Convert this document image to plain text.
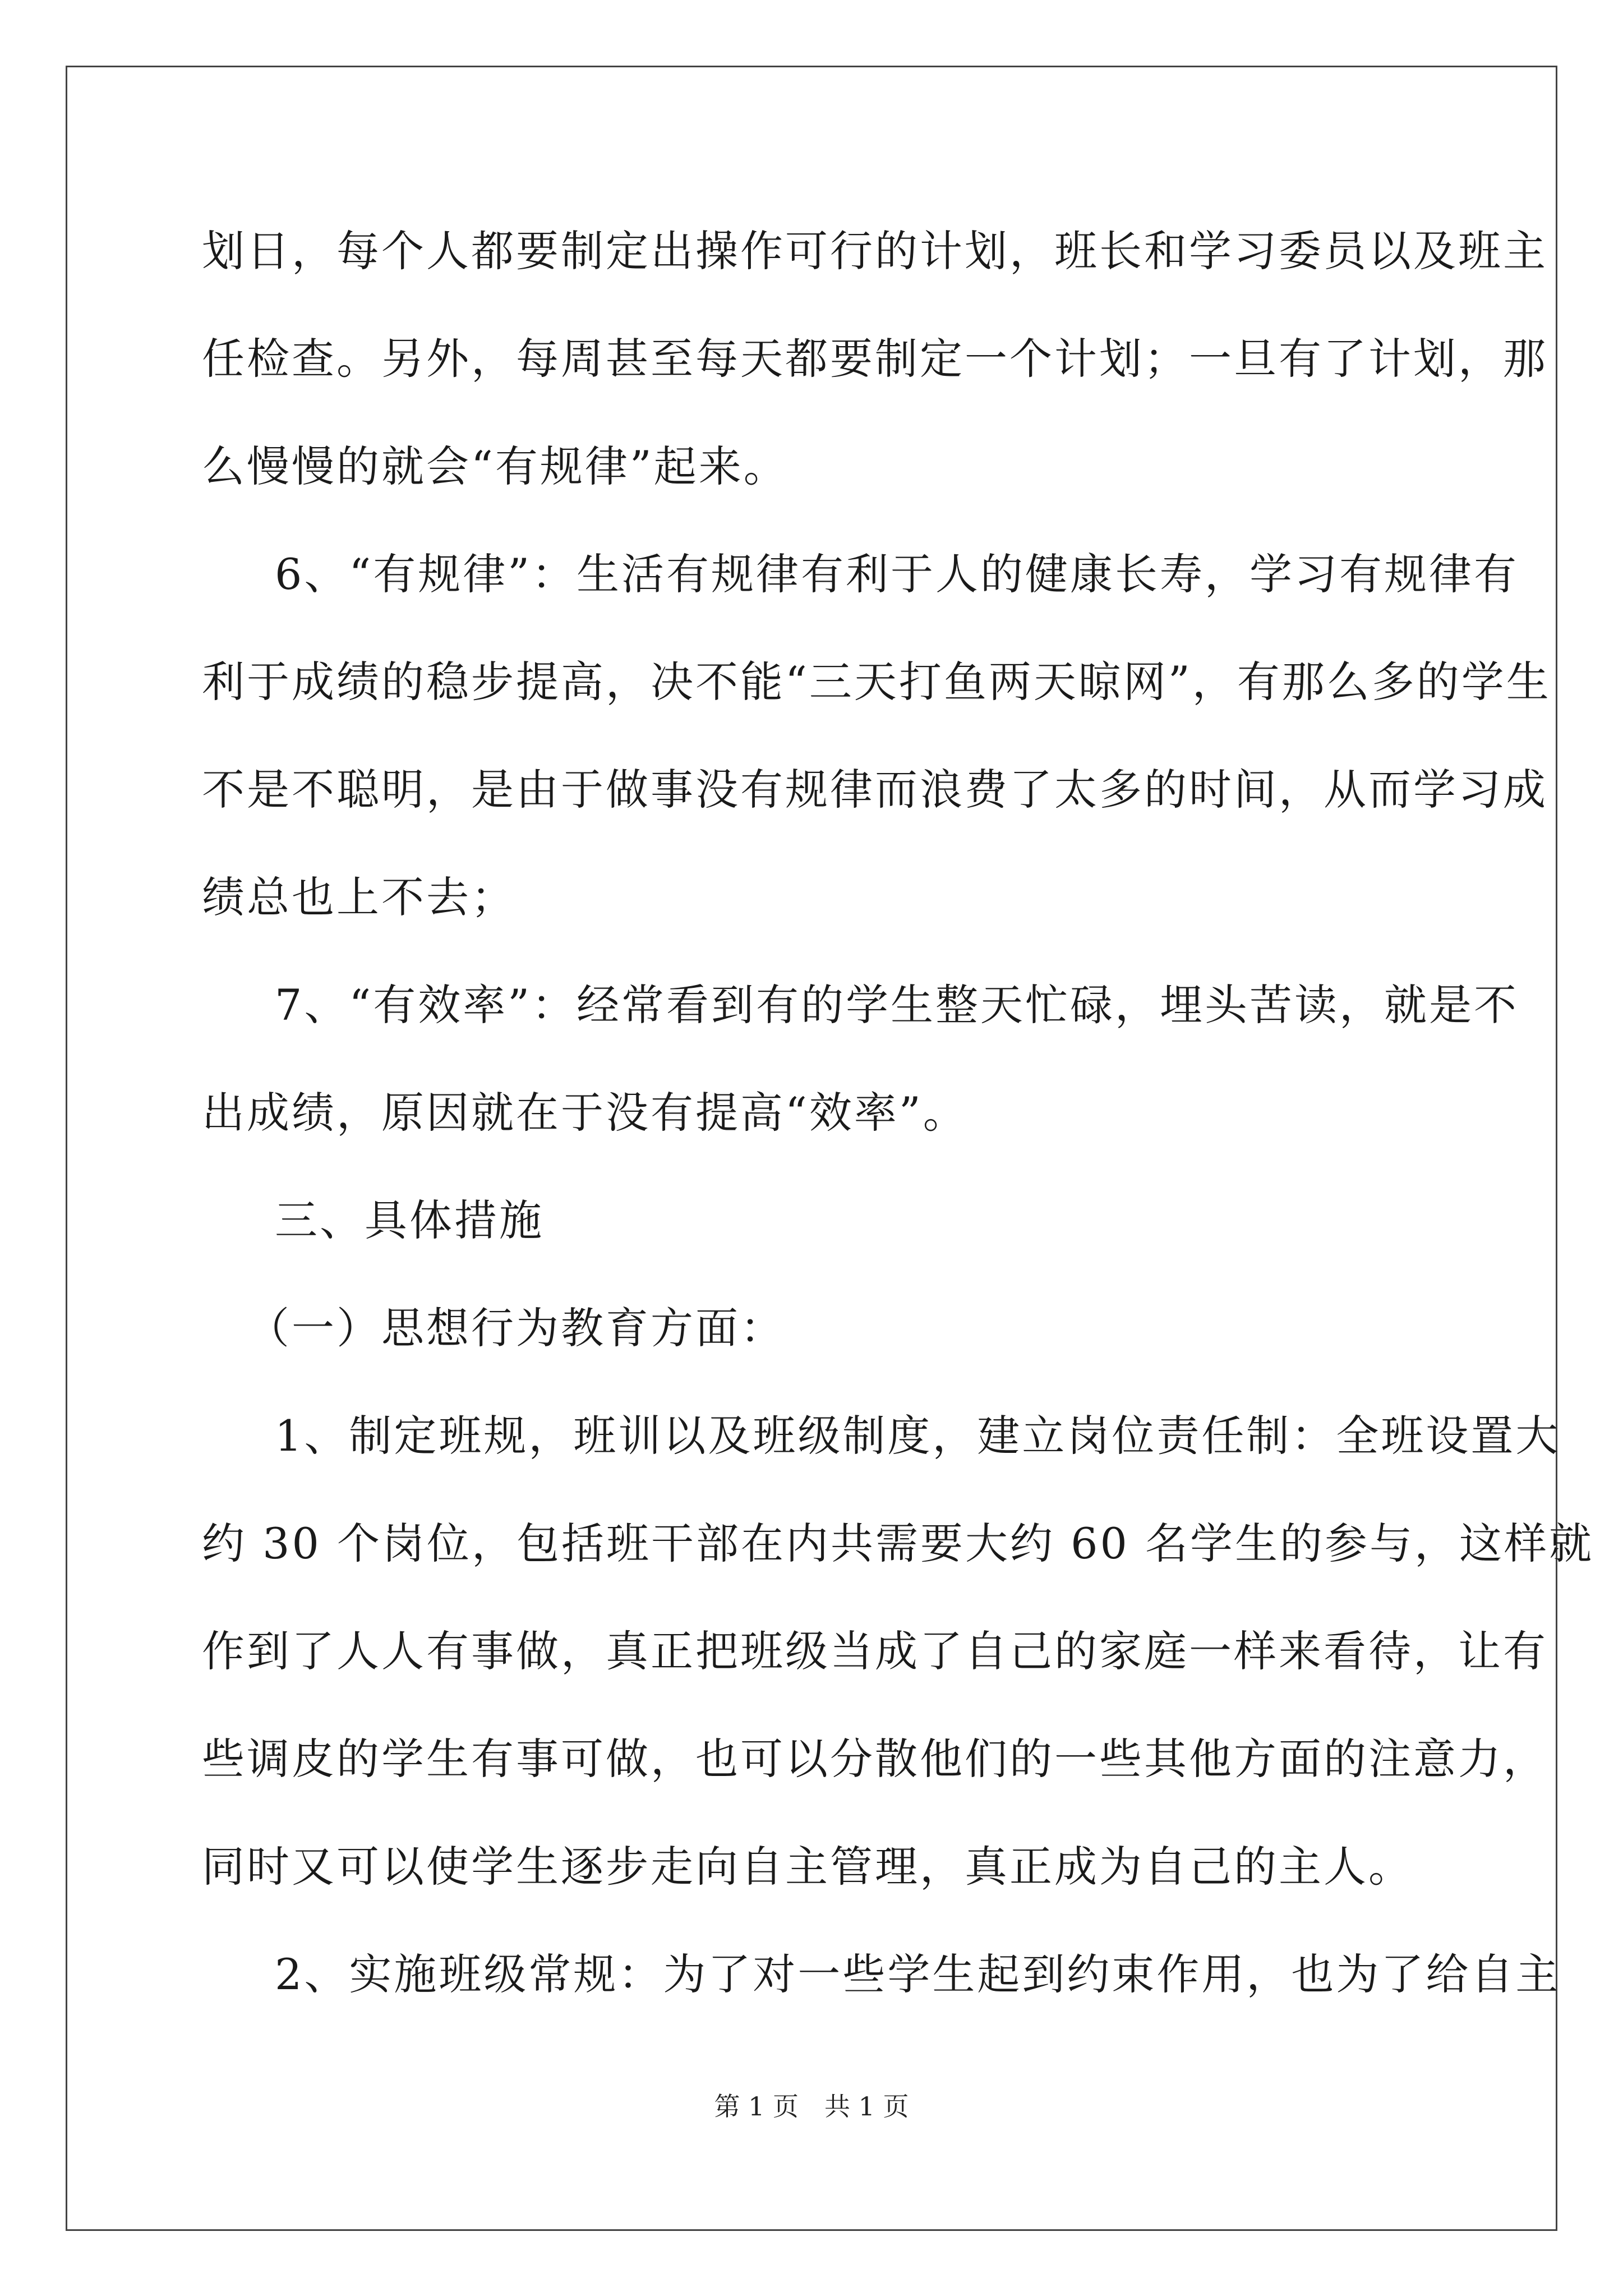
划日，每个人都要制定出操作可行的计划，班长和学习委员以及班主
任检查。另外，每周甚至每天都要制定一个计划；一旦有了计划，那
么慢慢的就会“有规律”起来。
6、“有规律”：生活有规律有利于人的健康长寿，学习有规律有
利于成绩的稳步提高，决不能“三天打鱼两天晾网”，有那么多的学生
不是不聪明，是由于做事没有规律而浪费了太多的时间，从而学习成
绩总也上不去；
7、“有效率”：经常看到有的学生整天忙碌，埋头苦读，就是不
出成绩，原因就在于没有提高“效率”。
三、具体措施
（一）思想行为教育方面：
1、制定班规，班训以及班级制度，建立岗位责任制：全班设置大
约 30 个岗位，包括班干部在内共需要大约 60 名学生的参与，这样就
作到了人人有事做，真正把班级当成了自己的家庭一样来看待，让有
些调皮的学生有事可做，也可以分散他们的一些其他方面的注意力，
同时又可以使学生逐步走向自主管理，真正成为自己的主人。
2、实施班级常规：为了对一些学生起到约束作用，也为了给自主
第 1 页　共 1 页
